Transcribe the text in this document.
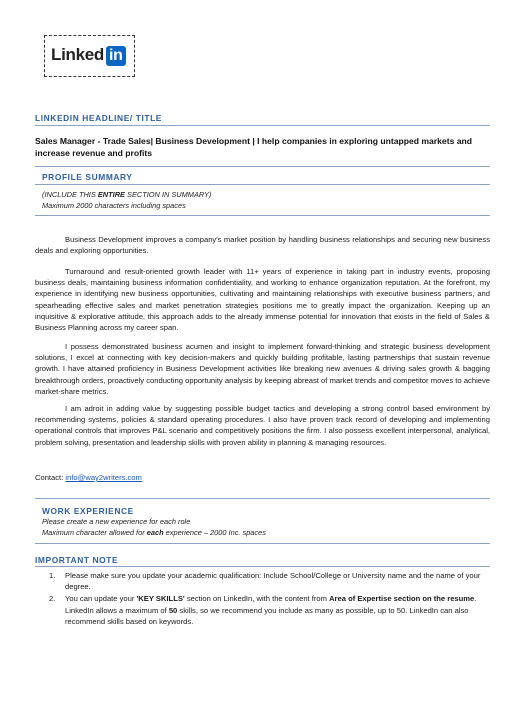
Linked in
LINKEDIN HEADLINE/ TITLE
Sales Manager - Trade Sales| Business Development | I help companies in exploring untapped markets and increase revenue and profits
PROFILE SUMMARY
(INCLUDE THIS ENTIRE SECTION IN SUMMARY)
Maximum 2000 characters including spaces

Business Development improves a company's market position by handling business relationships and securing new business deals and exploring opportunities.

Turnaround and result-oriented growth leader with 11+ years of experience in taking part in industry events, proposing business deals, maintaining business information confidentiality, and working to enhance organization reputation. At the forefront, my experience in identifying new business opportunities, cultivating and maintaining relationships with executive business partners, and spearheading effective sales and market penetration strategies positions me to greatly impact the organization. Keeping up an inquisitive & explorative attitude, this approach adds to the already immense potential for innovation that exists in the field of Sales & Business Planning across my career span.

I possess demonstrated business acumen and insight to implement forward-thinking and strategic business development solutions, I excel at connecting with key decision-makers and quickly building profitable, lasting partnerships that sustain revenue growth. I have attained proficiency in Business Development activities like breaking new avenues & driving sales growth & bagging breakthrough orders, proactively conducting opportunity analysis by keeping abreast of market trends and competitor moves to achieve market-share metrics.

I am adroit in adding value by suggesting possible budget tactics and developing a strong control based environment by recommending systems, policies & standard operating procedures. I also have proven track record of developing and implementing operational controls that improves P&L scenario and competitively positions the firm. I also possess excellent interpersonal, analytical, problem solving, presentation and leadership skills with proven ability in planning & managing resources.

Contact: info@way2writers.com
WORK EXPERIENCE
Please create a new experience for each role
Maximum character allowed for each experience – 2000 Inc. spaces
IMPORTANT NOTE
1. Please make sure you update your academic qualification: Include School/College or University name and the name of your degree.
2. You can update your 'KEY SKILLS' section on LinkedIn, with the content from Area of Expertise section on the resume. LinkedIn allows a maximum of 50 skills, so we recommend you include as many as possible, up to 50. LinkedIn can also recommend skills based on keywords.
